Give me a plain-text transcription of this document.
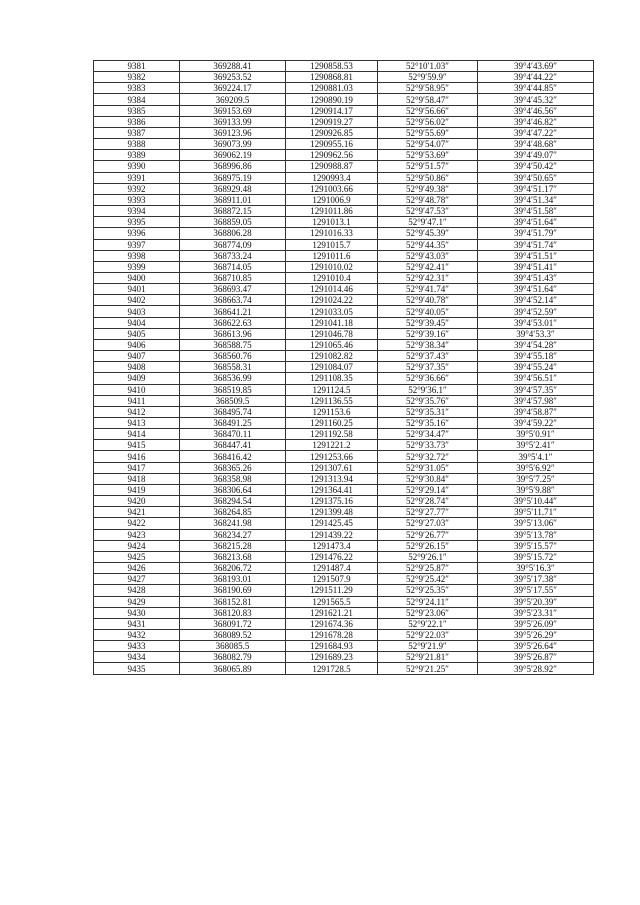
9381	369288.41	1290858.53	52°10′1.03″	39°4′43.69″
9382	369253.52	1290868.81	52°9′59.9″	39°4′44.22″
9383	369224.17	1290881.03	52°9′58.95″	39°4′44.85″
9384	369209.5	1290890.19	52°9′58.47″	39°4′45.32″
9385	369153.69	1290914.17	52°9′56.66″	39°4′46.56″
9386	369133.99	1290919.27	52°9′56.02″	39°4′46.82″
9387	369123.96	1290926.85	52°9′55.69″	39°4′47.22″
9388	369073.99	1290955.16	52°9′54.07″	39°4′48.68″
9389	369062.19	1290962.56	52°9′53.69″	39°4′49.07″
9390	368996.86	1290988.87	52°9′51.57″	39°4′50.42″
9391	368975.19	1290993.4	52°9′50.86″	39°4′50.65″
9392	368929.48	1291003.66	52°9′49.38″	39°4′51.17″
9393	368911.01	1291006.9	52°9′48.78″	39°4′51.34″
9394	368872.15	1291011.86	52°9′47.53″	39°4′51.58″
9395	368859.05	1291013.1	52°9′47.1″	39°4′51.64″
9396	368806.28	1291016.33	52°9′45.39″	39°4′51.79″
9397	368774.09	1291015.7	52°9′44.35″	39°4′51.74″
9398	368733.24	1291011.6	52°9′43.03″	39°4′51.51″
9399	368714.05	1291010.02	52°9′42.41″	39°4′51.41″
9400	368710.85	1291010.4	52°9′42.31″	39°4′51.43″
9401	368693.47	1291014.46	52°9′41.74″	39°4′51.64″
9402	368663.74	1291024.22	52°9′40.78″	39°4′52.14″
9403	368641.21	1291033.05	52°9′40.05″	39°4′52.59″
9404	368622.63	1291041.18	52°9′39.45″	39°4′53.01″
9405	368613.96	1291046.78	52°9′39.16″	39°4′53.3″
9406	368588.75	1291065.46	52°9′38.34″	39°4′54.28″
9407	368560.76	1291082.82	52°9′37.43″	39°4′55.18″
9408	368558.31	1291084.07	52°9′37.35″	39°4′55.24″
9409	368536.99	1291108.35	52°9′36.66″	39°4′56.51″
9410	368519.85	1291124.5	52°9′36.1″	39°4′57.35″
9411	368509.5	1291136.55	52°9′35.76″	39°4′57.98″
9412	368495.74	1291153.6	52°9′35.31″	39°4′58.87″
9413	368491.25	1291160.25	52°9′35.16″	39°4′59.22″
9414	368470.11	1291192.58	52°9′34.47″	39°5′0.91″
9415	368447.41	1291221.2	52°9′33.73″	39°5′2.41″
9416	368416.42	1291253.66	52°9′32.72″	39°5′4.1″
9417	368365.26	1291307.61	52°9′31.05″	39°5′6.92″
9418	368358.98	1291313.94	52°9′30.84″	39°5′7.25″
9419	368306.64	1291364.41	52°9′29.14″	39°5′9.88″
9420	368294.54	1291375.16	52°9′28.74″	39°5′10.44″
9421	368264.85	1291399.48	52°9′27.77″	39°5′11.71″
9422	368241.98	1291425.45	52°9′27.03″	39°5′13.06″
9423	368234.27	1291439.22	52°9′26.77″	39°5′13.78″
9424	368215.28	1291473.4	52°9′26.15″	39°5′15.57″
9425	368213.68	1291476.22	52°9′26.1″	39°5′15.72″
9426	368206.72	1291487.4	52°9′25.87″	39°5′16.3″
9427	368193.01	1291507.9	52°9′25.42″	39°5′17.38″
9428	368190.69	1291511.29	52°9′25.35″	39°5′17.55″
9429	368152.81	1291565.5	52°9′24.11″	39°5′20.39″
9430	368120.83	1291621.21	52°9′23.06″	39°5′23.31″
9431	368091.72	1291674.36	52°9′22.1″	39°5′26.09″
9432	368089.52	1291678.28	52°9′22.03″	39°5′26.29″
9433	368085.5	1291684.93	52°9′21.9″	39°5′26.64″
9434	368082.79	1291689.23	52°9′21.81″	39°5′26.87″
9435	368065.89	1291728.5	52°9′21.25″	39°5′28.92″
